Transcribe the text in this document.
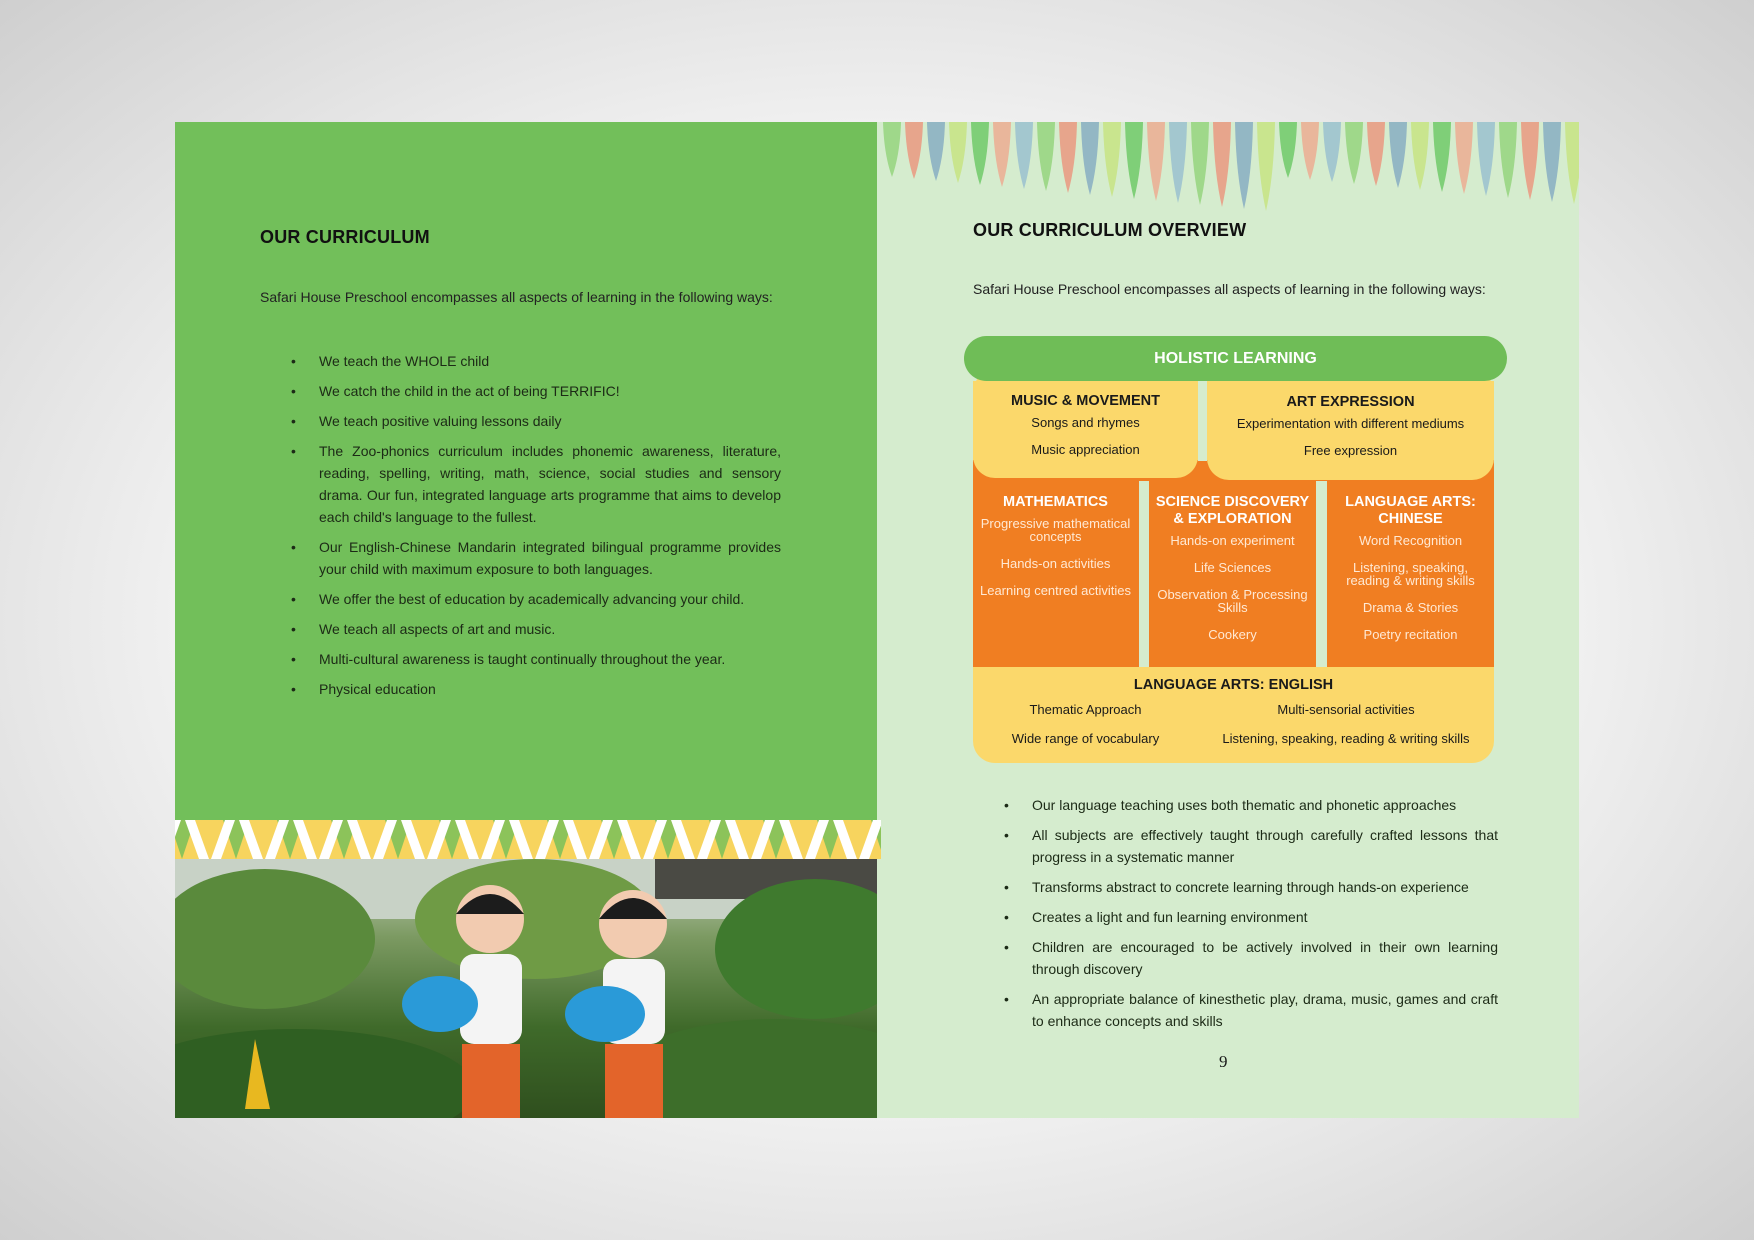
OUR CURRICULUM

Safari House Preschool encompasses all aspects of learning in the following ways:

• We teach the WHOLE child
• We catch the child in the act of being TERRIFIC!
• We teach positive valuing lessons daily
• The Zoo-phonics curriculum includes phonemic awareness, literature, reading, spelling, writing, math, science, social studies and sensory drama. Our fun, integrated language arts programme that aims to develop each child's language to the fullest.
• Our English-Chinese Mandarin integrated bilingual programme provides your child with maximum exposure to both languages.
• We offer the best of education by academically advancing your child.
• We teach all aspects of art and music.
• Multi-cultural awareness is taught continually throughout the year.
• Physical education
OUR CURRICULUM OVERVIEW

Safari House Preschool encompasses all aspects of learning in the following ways:

HOLISTIC LEARNING
MUSIC & MOVEMENT
Songs and rhymes
Music appreciation
ART EXPRESSION
Experimentation with different mediums
Free expression
MATHEMATICS
Progressive mathematical concepts
Hands-on activities
Learning centred activities
SCIENCE DISCOVERY & EXPLORATION
Hands-on experiment
Life Sciences
Observation & Processing Skills
Cookery
LANGUAGE ARTS: CHINESE
Word Recognition
Listening, speaking, reading & writing skills
Drama & Stories
Poetry recitation
LANGUAGE ARTS: ENGLISH
Thematic Approach	Multi-sensorial activities
Wide range of vocabulary	Listening, speaking, reading & writing skills
• Our language teaching uses both thematic and phonetic approaches
• All subjects are effectively taught through carefully crafted lessons that progress in a systematic manner
• Transforms abstract to concrete learning through hands-on experience
• Creates a light and fun learning environment
• Children are encouraged to be actively involved in their own learning through discovery
• An appropriate balance of kinesthetic play, drama, music, games and craft to enhance concepts and skills
9
